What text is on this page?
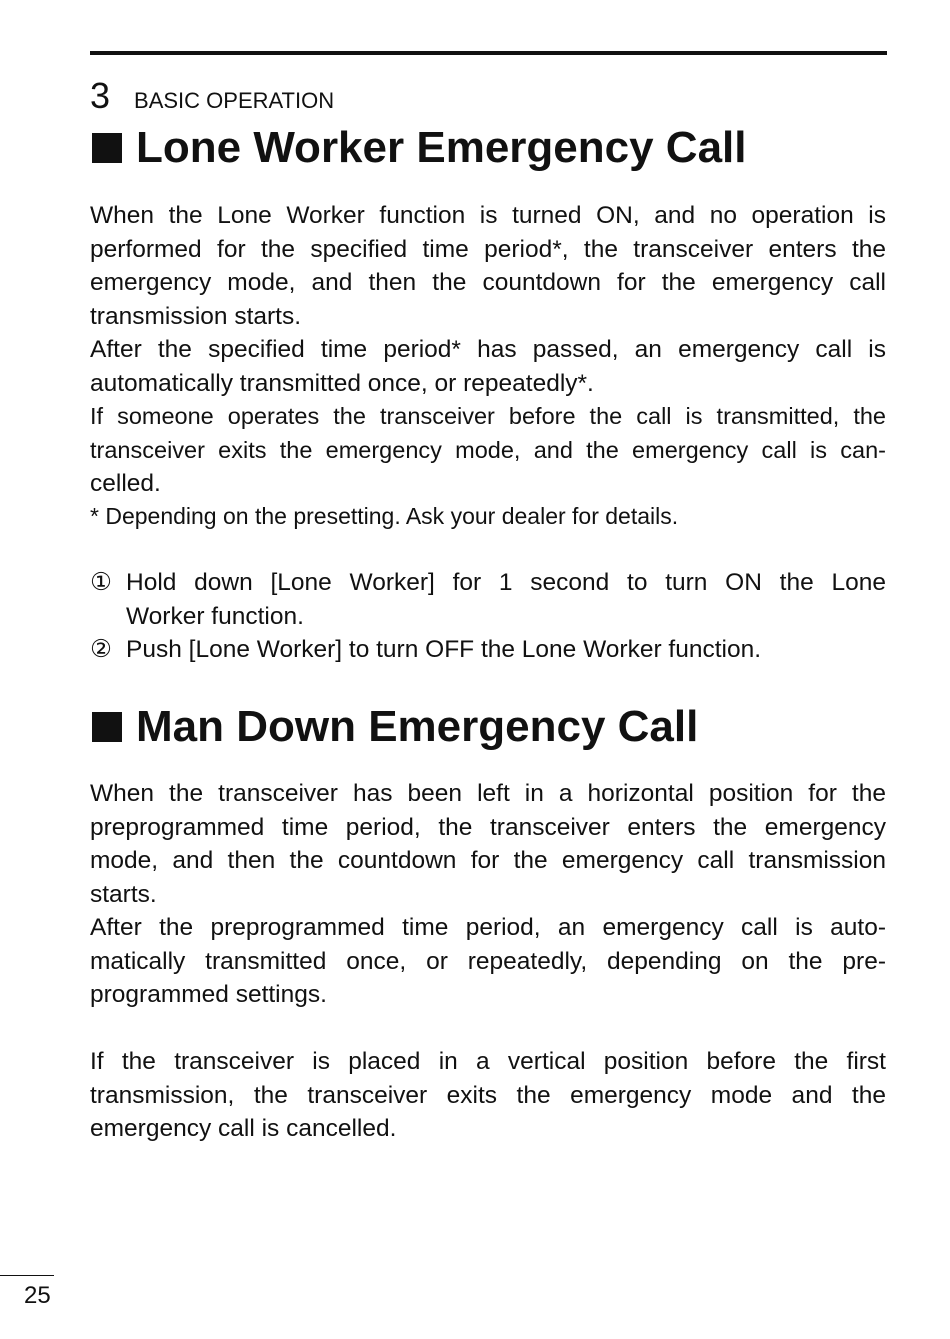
3 BASIC OPERATION
Lone Worker Emergency Call

When the Lone Worker function is turned ON, and no operation is
performed for the specified time period*, the transceiver enters the
emergency mode, and then the countdown for the emergency call
transmission starts.

After the specified time period* has passed, an emergency call is
automatically transmitted once, or repeatedly*.

If someone operates the transceiver before the call is transmitted, the
transceiver exits the emergency mode, and the emergency call is can-
celled.

* Depending on the presetting. Ask your dealer for details.

① Hold down [Lone Worker] for 1 second to turn ON the Lone
Worker function.
② Push [Lone Worker] to turn OFF the Lone Worker function.
Man Down Emergency Call

When the transceiver has been left in a horizontal position for the
preprogrammed time period, the transceiver enters the emergency
mode, and then the countdown for the emergency call transmission
starts.

After the preprogrammed time period, an emergency call is auto-
matically transmitted once, or repeatedly, depending on the pre-
programmed settings.

If the transceiver is placed in a vertical position before the first
transmission, the transceiver exits the emergency mode and the
emergency call is cancelled.

25
